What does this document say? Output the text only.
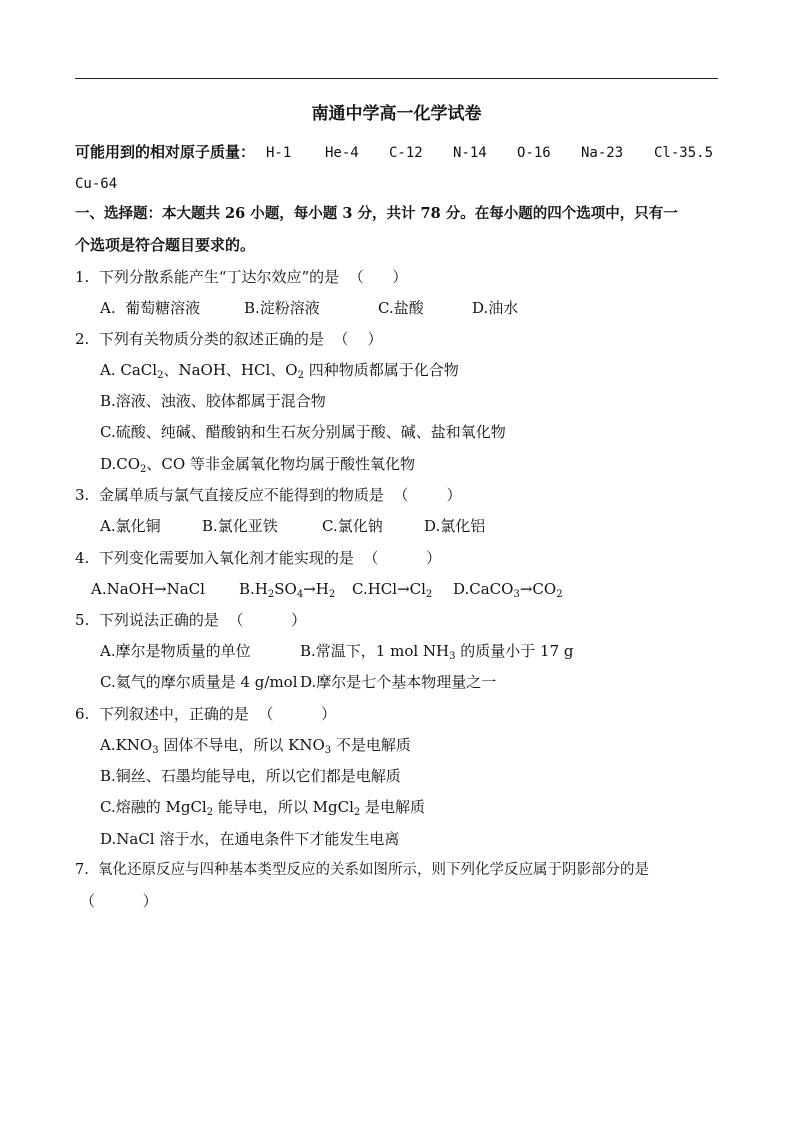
南通中学高一化学试卷
可能用到的相对原子质量： H-1 He-4 C-12 N-14 O-16 Na-23 Cl-35.5
Cu-64
一、选择题：本大题共 26 小题，每小题 3 分，共计 78 分。在每小题的四个选项中，只有一
个选项是符合题目要求的。
1.  下列分散系能产生“丁达尔效应”的是  （      ）
A.  葡萄糖溶液	B.淀粉溶液	C.盐酸	D.油水
2.  下列有关物质分类的叙述正确的是  （    ）
A. CaCl$_2$、NaOH、HCl、$O_2$ 四种物质都属于化合物
B.溶液、浊液、胶体都属于混合物
C.硫酸、纯碱、醋酸钠和生石灰分别属于酸、碱、盐和氧化物
$D.CO_2$、CO 等非金属氧化物均属于酸性氧化物
3.  金属单质与氯气直接反应不能得到的物质是  （        ）
A.氯化铜	B.氯化亚铁	C.氯化钠	D.氯化铝
4.  下列变化需要加入氧化剂才能实现的是  （          ）
A.NaOH→NaCl $B.H_2SO_4\to H_2$ $C.HCl\to Cl_2$ $D.CaCO_3\to CO_2$
5.  下列说法正确的是  （          ）
A.摩尔是物质量的单位	B.常温下，1 mol $NH_3$ 的质量小于 17 g
C.氦气的摩尔质量是 4 g/mol D.摩尔是七个基本物理量之一
6.  下列叙述中，正确的是  （          ）
$A.KNO_3$ 固体不导电，所以 $KNO_3$ 不是电解质
B.铜丝、石墨均能导电，所以它们都是电解质
C.熔融的 MgCl$_2$ 能导电，所以 MgCl$_2$ 是电解质
D.NaCl 溶于水，在通电条件下才能发生电离
7.  氧化还原反应与四种基本类型反应的关系如图所示，则下列化学反应属于阴影部分的是
（          ）
